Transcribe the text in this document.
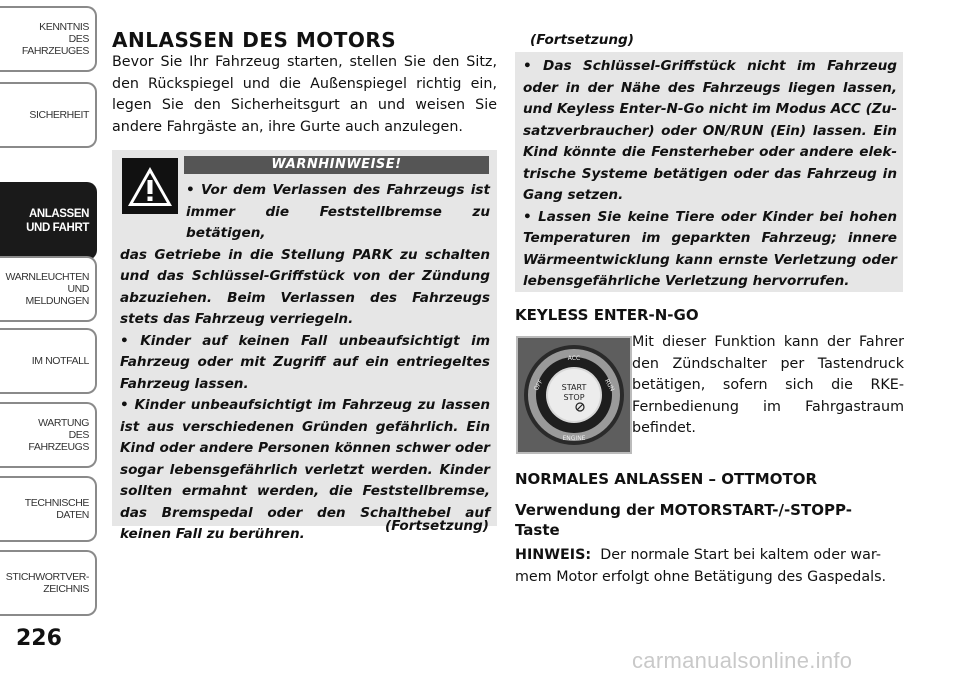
KENNTNIS
DES
FAHRZEUGES
SICHERHEIT
ANLASSEN
UND FAHRT
WARNLEUCHTEN
UND
MELDUNGEN
IM NOTFALL
WARTUNG
DES
FAHRZEUGS
TECHNISCHE
DATEN
STICHWORTVER-
ZEICHNIS
226
ANLASSEN DES MOTORS
Bevor Sie Ihr Fahrzeug starten, stellen Sie den Sitz, den Rückspiegel und die Außenspiegel richtig ein, legen Sie den Sicherheitsgurt an und weisen Sie andere Fahrgäste an, ihre Gurte auch anzulegen.
WARNHINWEISE!

• Vor dem Verlassen des Fahrzeugs ist immer die Feststellbremse zu betätigen,

das Getriebe in die Stellung PARK zu schalten und das Schlüssel-Griffstück von der Zündung abzuziehen. Beim Verlassen des Fahrzeugs stets das Fahrzeug verriegeln.

• Kinder auf keinen Fall unbeaufsichtigt im Fahrzeug oder mit Zugriff auf ein entriegeltes Fahrzeug lassen.

• Kinder unbeaufsichtigt im Fahrzeug zu lassen ist aus verschiedenen Gründen gefährlich. Ein Kind oder andere Personen können schwer oder sogar lebensgefährlich verletzt werden. Kinder sollten ermahnt werden, die Feststellbremse, das Bremspedal oder den Schalthebel auf keinen Fall zu berühren.	(Fortsetzung)
(Fortsetzung)

• Das Schlüssel-Griffstück nicht im Fahrzeug oder in der Nähe des Fahrzeugs liegen lassen, und Keyless Enter-N-Go nicht im Modus ACC (Zu- satzverbraucher) oder ON/RUN (Ein) lassen. Ein Kind könnte die Fensterheber oder andere elek- trische Systeme betätigen oder das Fahrzeug in Gang setzen.

• Lassen Sie keine Tiere oder Kinder bei hohen Temperaturen im geparkten Fahrzeug; innere Wärmeentwicklung kann ernste Verletzung oder lebensgefährliche Verletzung hervorrufen.

KEYLESS ENTER-N-GO
ACC
OFF	RUN
START
STOP
ENGINE
Mit dieser Funktion kann der Fahrer den Zündschalter per Tastendruck betätigen, sofern sich die RKE-Fernbedienung im Fahrgastraum befindet.
NORMALES ANLASSEN – OTTMOTOR
Verwendung der MOTORSTART-/-STOPP-
Taste
HINWEIS: Der normale Start bei kaltem oder war- mem Motor erfolgt ohne Betätigung des Gaspedals.
carmanualsonline.info
